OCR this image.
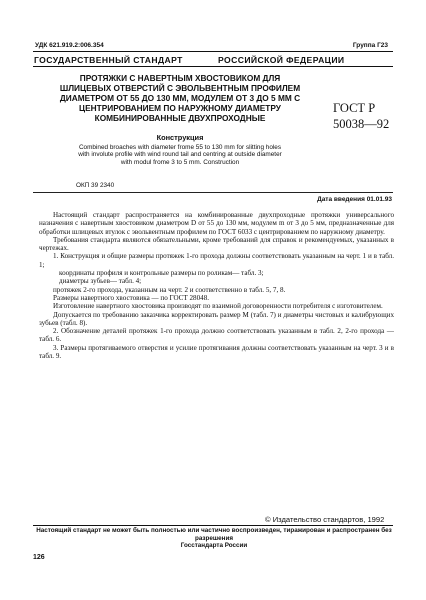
УДК 621.919.2:006.354	Группа Г23
ГОСУДАРСТВЕННЫЙ СТАНДАРТ	РОССИЙСКОЙ ФЕДЕРАЦИИ
ПРОТЯЖКИ С НАВЕРТНЫМ ХВОСТОВИКОМ ДЛЯ
ШЛИЦЕВЫХ ОТВЕРСТИЙ С ЭВОЛЬВЕНТНЫМ ПРОФИЛЕМ
ДИАМЕТРОМ ОТ 55 ДО 130 ММ, МОДУЛЕМ ОТ 3 ДО 5 ММ С
ЦЕНТРИРОВАНИЕМ ПО НАРУЖНОМУ ДИАМЕТРУ
КОМБИНИРОВАННЫЕ ДВУХПРОХОДНЫЕ
ГОСТ Р
50038—92
Конструкция
Combined broaches with diameter frome 55 to 130 mm for slitting holes
with involute profile with wind round tail and centring at outside diameter
with modul frome 3 to 5 mm. Construction
ОКП 39 2340
Дата введения 01.01.93

Настоящий стандарт распространяется на комбинированные двухпроходные протяжки универсального назначения с навертным хвостовиком диаметром D от 55 до 130 мм, модулем m от 3 до 5 мм, предназначенные для обработки шлицевых втулок с эвольвентным профилем по ГОСТ 6033 с центрированием по наружному диаметру.

Требования стандарта являются обязательными, кроме требований для справок и рекомендуемых, указанных в чертежах.

1. Конструкция и общие размеры протяжек 1-го прохода должны соответствовать указанным на черт. 1 и в табл. 1;

координаты профиля и контрольные размеры по роликам— табл. 3;

диаметры зубьев— табл. 4;

протяжек 2-го прохода, указанным на черт. 2 и соответственно в табл. 5, 7, 8.

Размеры навертного хвостовика — по ГОСТ 28048.

Изготовление навертного хвостовика производят по взаимной договоренности потребителя с изготовителем.

Допускается по требованию заказчика корректировать размер M (табл. 7) и диаметры чистовых и калибрующих зубьев (табл. 8).

2. Обозначение деталей протяжек 1-го прохода должно соответствовать указанным в табл. 2, 2-го прохода — табл. 6.

3. Размеры протягиваемого отверстия и усилие протягивания должны соответствовать указанным на черт. 3 и в табл. 9.

© Издательство стандартов, 1992
Настоящий стандарт не может быть полностью или частично воспроизведен, тиражирован и распространен без разрешения
Госстандарта России
126
